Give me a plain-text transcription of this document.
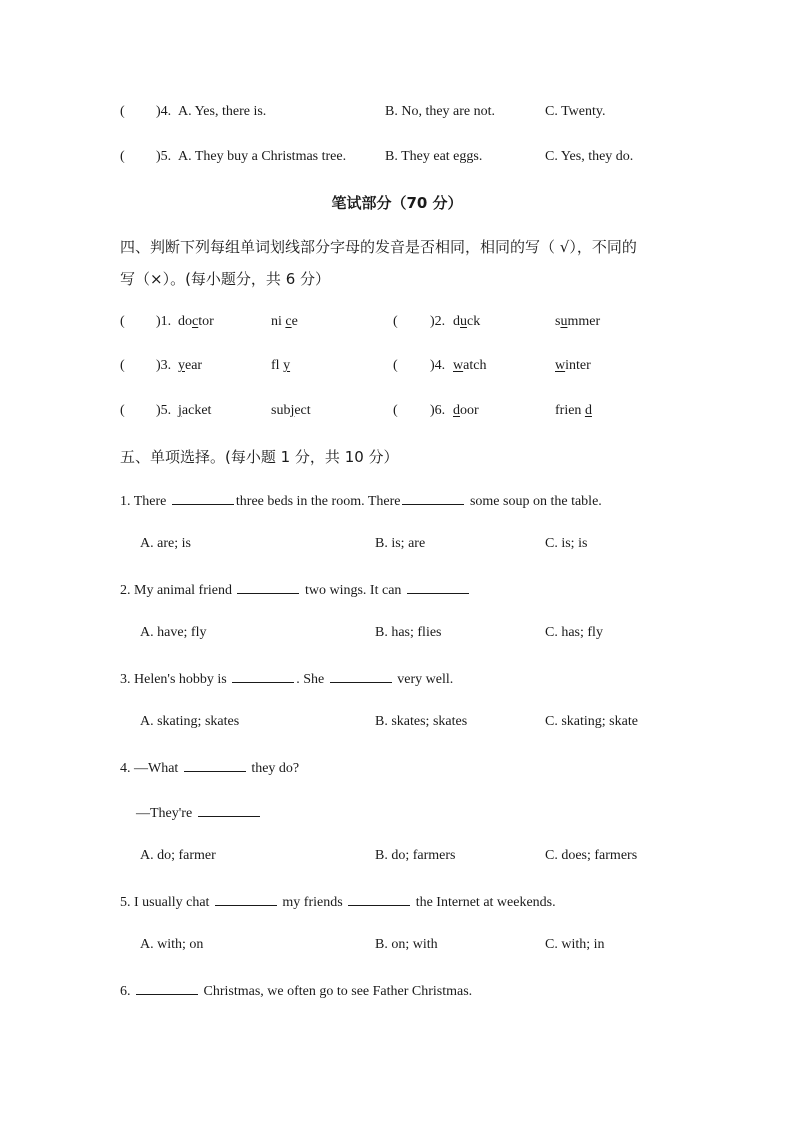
( )4. A. Yes, there is.	B. No, they are not.	C. Twenty.
( )5. A. They buy a Christmas tree.	B. They eat eggs.	C. Yes, they do.
笔试部分（70 分）
四、判断下列每组单词划线部分字母的发音是否相同，相同的写（ √），不同的
写（×）。(每小题分，共 6 分）
( )1. doctor	ni ce	( )2. duck	summer
( )3. year	fl y	( )4. watch	winter
( )5. jacket	subject	( )6. door	frien d
五、单项选择。(每小题 1 分，共 10 分）
1. There	three beds in the room. There	some soup on the table.
A. are; is	B. is; are	C. is; is
2. My animal friend	two wings. It can
A. have; fly	B. has; flies	C. has; fly
3. Helen's hobby is	. She	very well.
A. skating; skates	B. skates; skates	C. skating; skate
4. —What	they do?
—They're
A. do; farmer	B. do; farmers	C. does; farmers
5. I usually chat	my friends	the Internet at weekends.
A. with; on	B. on; with	C. with; in
6.	Christmas, we often go to see Father Christmas.
